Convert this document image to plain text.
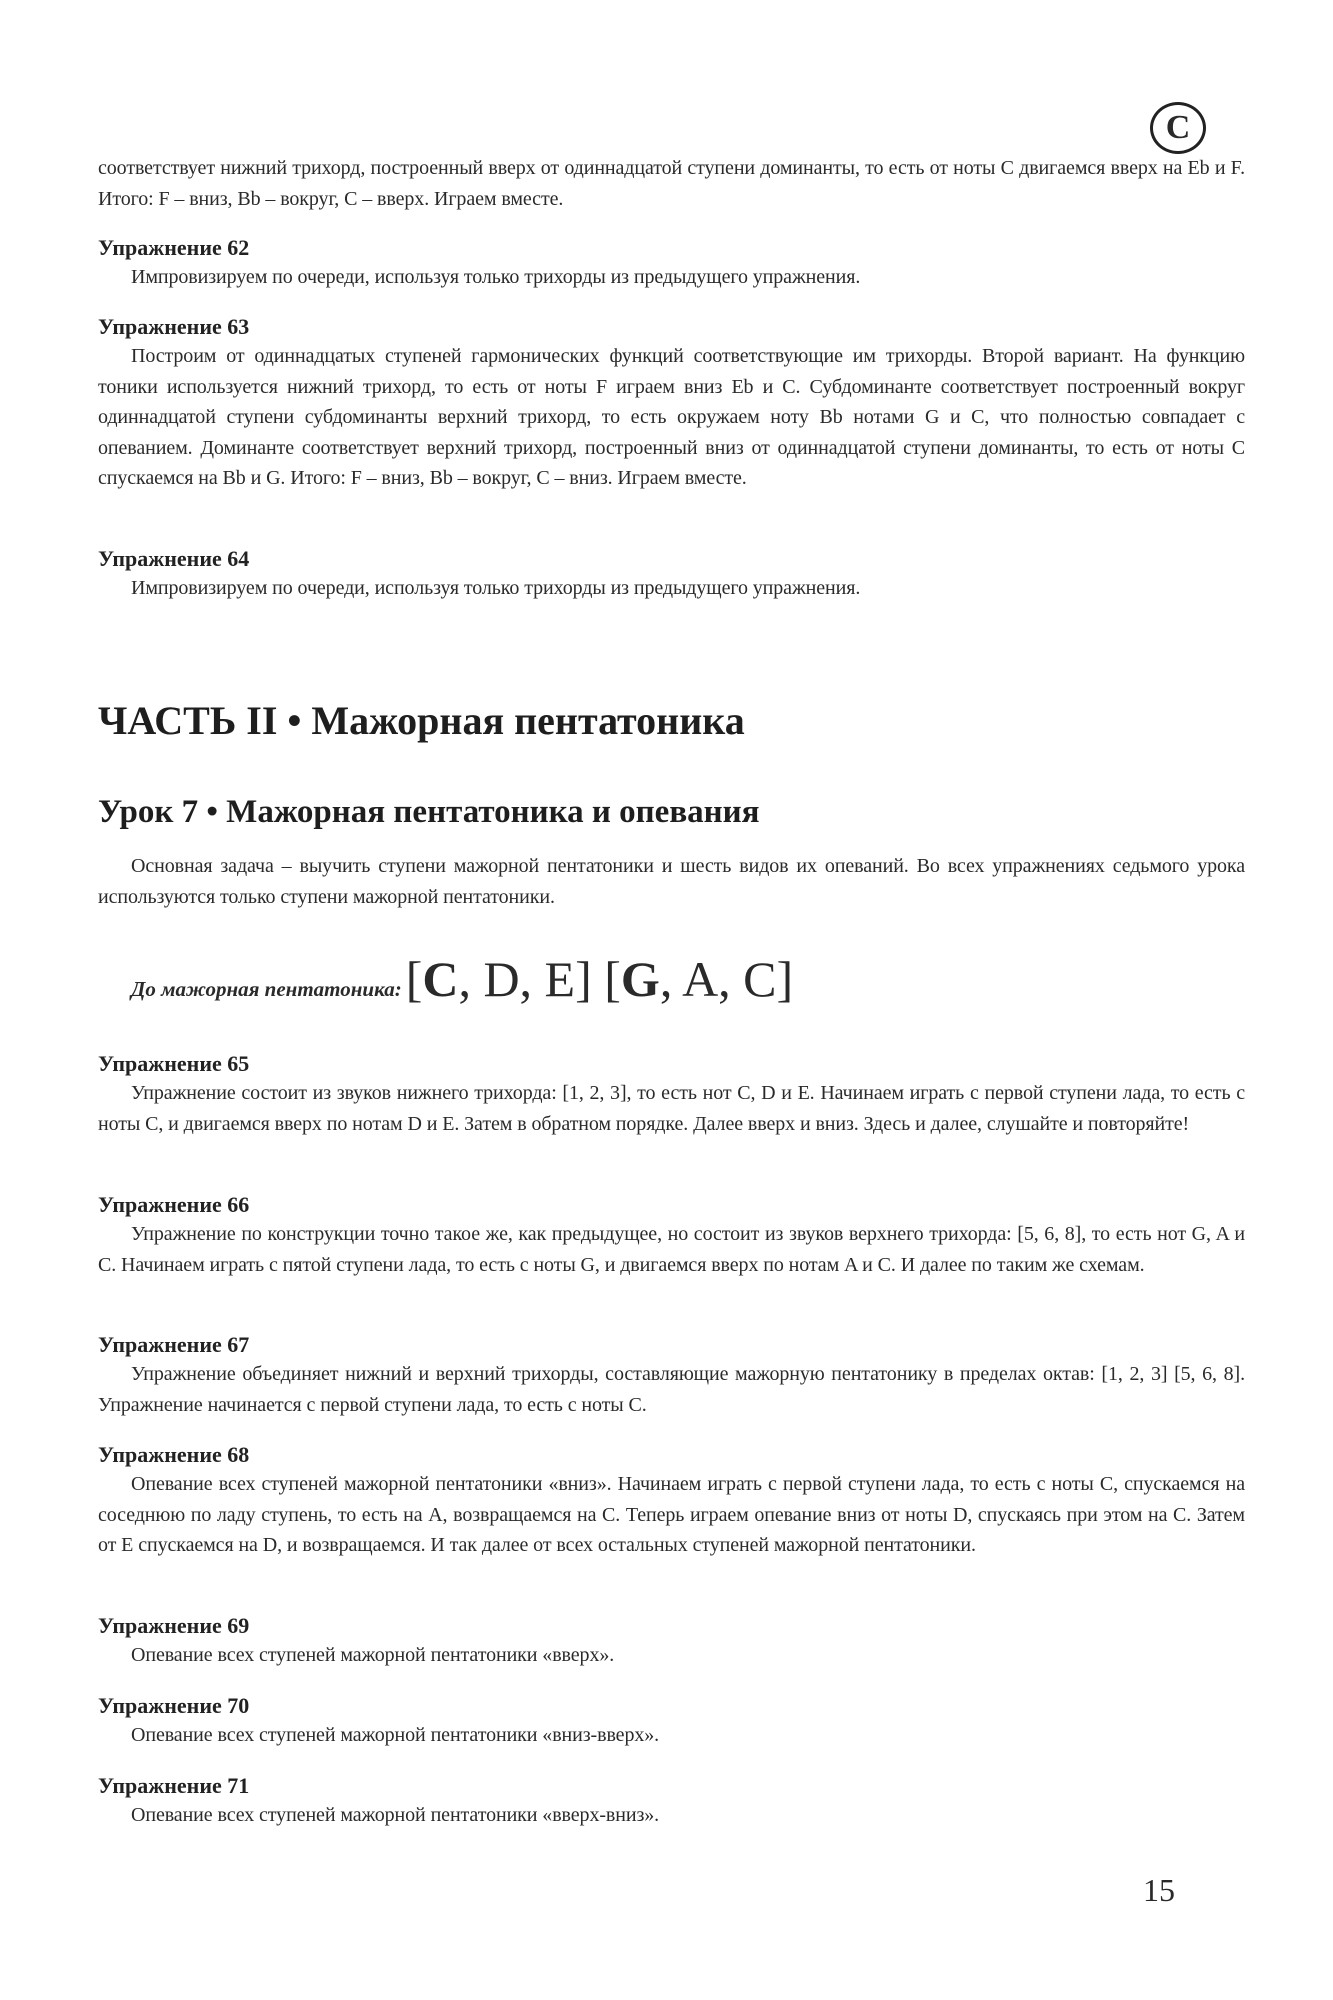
C
соответствует нижний трихорд, построенный вверх от одиннадцатой ступени доминанты, то есть от ноты C двигаемся вверх на Eb и F. Итого: F – вниз, Bb – вокруг, C – вверх. Играем вместе.
Упражнение 62
Импровизируем по очереди, используя только трихорды из предыдущего упражнения.
Упражнение 63
Построим от одиннадцатых ступеней гармонических функций соответствующие им трихорды. Второй вариант. На функцию тоники используется нижний трихорд, то есть от ноты F играем вниз Eb и C. Субдоминанте соответствует построенный вокруг одиннадцатой ступени субдоминанты верхний трихорд, то есть окружаем ноту Bb нотами G и C, что полностью совпадает с опеванием. Доминанте соответствует верхний трихорд, построенный вниз от одиннадцатой ступени доминанты, то есть от ноты C спускаемся на Bb и G. Итого: F – вниз, Bb – вокруг, C – вниз. Играем вместе.
Упражнение 64
Импровизируем по очереди, используя только трихорды из предыдущего упражнения.
ЧАСТЬ II • Мажорная пентатоника
Урок 7 • Мажорная пентатоника и опевания
Основная задача – выучить ступени мажорной пентатоники и шесть видов их опеваний. Во всех упражнениях седьмого урока используются только ступени мажорной пентатоники.
До мажорная пентатоника: [C, D, E] [G, A, C]
Упражнение 65
Упражнение состоит из звуков нижнего трихорда: [1, 2, 3], то есть нот C, D и E. Начинаем играть с первой ступени лада, то есть с ноты C, и двигаемся вверх по нотам D и E. Затем в обратном порядке. Далее вверх и вниз. Здесь и далее, слушайте и повторяйте!
Упражнение 66
Упражнение по конструкции точно такое же, как предыдущее, но состоит из звуков верхнего трихорда: [5, 6, 8], то есть нот G, A и C. Начинаем играть с пятой ступени лада, то есть с ноты G, и двигаемся вверх по нотам A и C. И далее по таким же схемам.
Упражнение 67
Упражнение объединяет нижний и верхний трихорды, составляющие мажорную пентатонику в пределах октав: [1, 2, 3] [5, 6, 8]. Упражнение начинается с первой ступени лада, то есть с ноты C.
Упражнение 68
Опевание всех ступеней мажорной пентатоники «вниз». Начинаем играть с первой ступени лада, то есть с ноты C, спускаемся на соседнюю по ладу ступень, то есть на A, возвращаемся на C. Теперь играем опевание вниз от ноты D, спускаясь при этом на C. Затем от E спускаемся на D, и возвращаемся. И так далее от всех остальных ступеней мажорной пентатоники.
Упражнение 69
Опевание всех ступеней мажорной пентатоники «вверх».
Упражнение 70
Опевание всех ступеней мажорной пентатоники «вниз-вверх».
Упражнение 71
Опевание всех ступеней мажорной пентатоники «вверх-вниз».
15
